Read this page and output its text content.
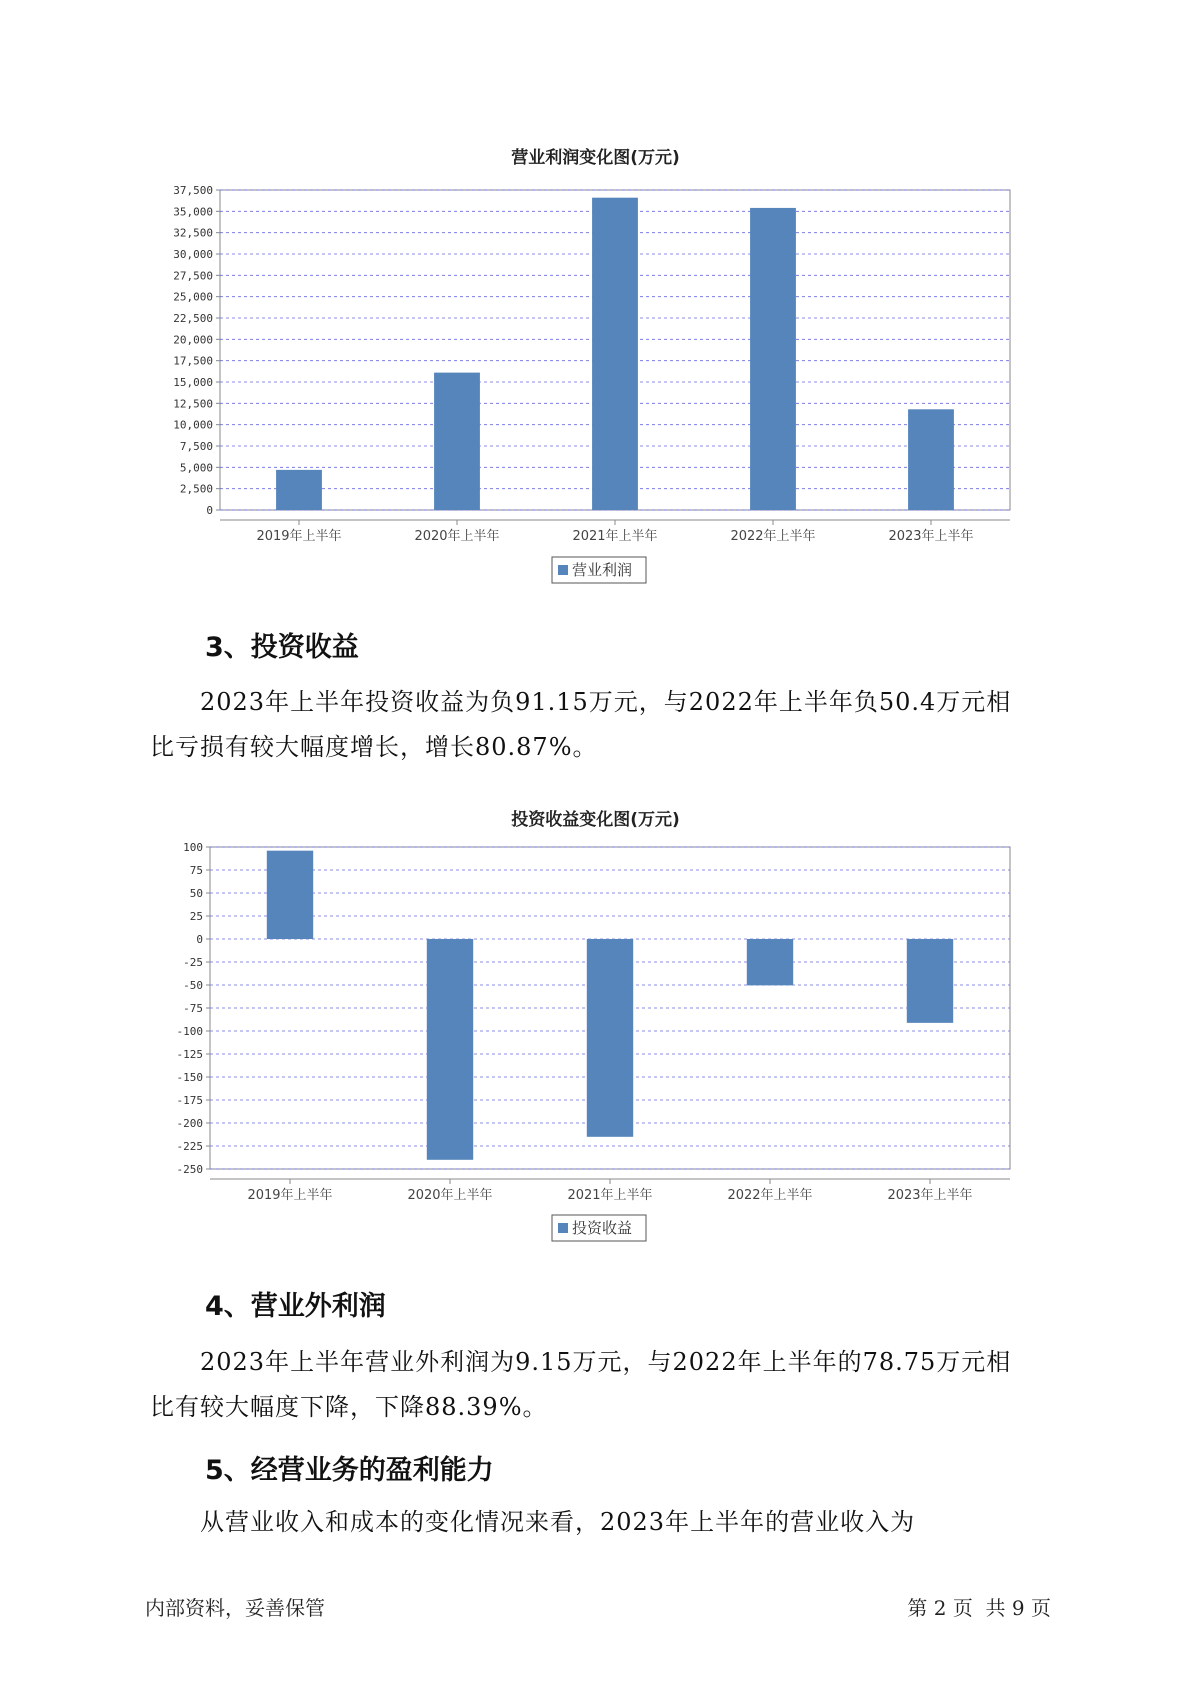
营业利润变化图(万元)
0
2,500
5,000
7,500
10,000
12,500
15,000
17,500
20,000
22,500
25,000
27,500
30,000
32,500
35,000
37,500
2019年上半年	2020年上半年	2021年上半年	2022年上半年	2023年上半年
营业利润
3、投资收益
2023年上半年投资收益为负91.15万元，与2022年上半年负50.4万元相
比亏损有较大幅度增长，增长80.87%。
投资收益变化图(万元)
100
75
50
25
0
-25
-50
-75
-100
-125
-150
-175
-200
-225
-250
2019年上半年	2020年上半年	2021年上半年	2022年上半年	2023年上半年
投资收益
4、营业外利润
2023年上半年营业外利润为9.15万元，与2022年上半年的78.75万元相
比有较大幅度下降，下降88.39%。
5、经营业务的盈利能力
从营业收入和成本的变化情况来看，2023年上半年的营业收入为
内部资料，妥善保管	第 2 页  共 9 页
